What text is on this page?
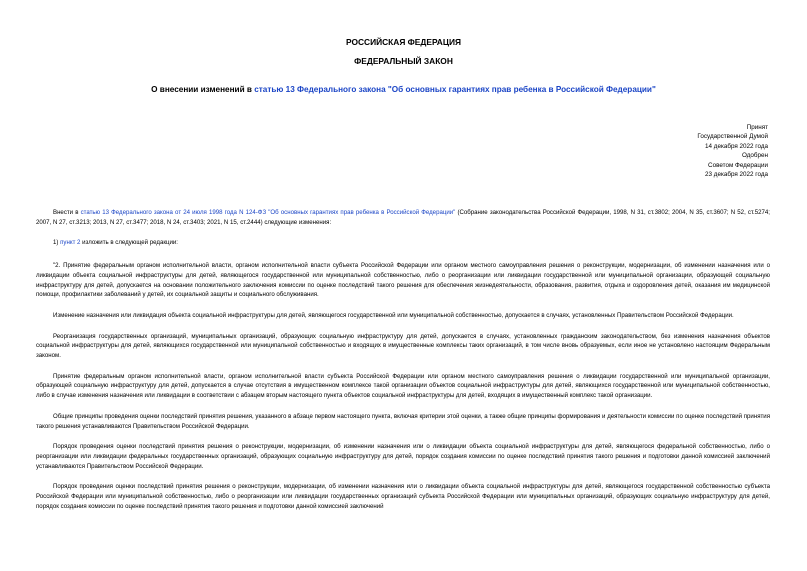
РОССИЙСКАЯ ФЕДЕРАЦИЯ
ФЕДЕРАЛЬНЫЙ ЗАКОН
О внесении изменений в статью 13 Федерального закона "Об основных гарантиях прав ребенка в Российской Федерации"
Принят
Государственной Думой
14 декабря 2022 года
Одобрен
Советом Федерации
23 декабря 2022 года

Внести в статью 13 Федерального закона от 24 июля 1998 года N 124-ФЗ "Об основных гарантиях прав ребенка в Российской Федерации" (Собрание законодательства Российской Федерации, 1998, N 31, ст.3802; 2004, N 35, ст.3607; N 52, ст.5274; 2007, N 27, ст.3213; 2013, N 27, ст.3477; 2018, N 24, ст.3403; 2021, N 15, ст.2444) следующие изменения:

1) пункт 2 изложить в следующей редакции:

"2. Принятие федеральным органом исполнительной власти, органом исполнительной власти субъекта Российской Федерации или органом местного самоуправления решения о реконструкции, модернизации, об изменении назначения или о ликвидации объекта социальной инфраструктуры для детей, являющегося государственной или муниципальной собственностью, либо о реорганизации или ликвидации государственной или муниципальной организации, образующей социальную инфраструктуру для детей, допускается на основании положительного заключения комиссии по оценке последствий такого решения для обеспечения жизнедеятельности, образования, развития, отдыха и оздоровления детей, оказания им медицинской помощи, профилактики заболеваний у детей, их социальной защиты и социального обслуживания.

Изменение назначения или ликвидация объекта социальной инфраструктуры для детей, являющегося государственной или муниципальной собственностью, допускается в случаях, установленных Правительством Российской Федерации.

Реорганизация государственных организаций, муниципальных организаций, образующих социальную инфраструктуру для детей, допускается в случаях, установленных гражданским законодательством, без изменения назначения объектов социальной инфраструктуры для детей, являющихся государственной или муниципальной собственностью и входящих в имущественные комплексы таких организаций, в том числе вновь образуемых, если иное не установлено настоящим Федеральным законом.

Принятие федеральным органом исполнительной власти, органом исполнительной власти субъекта Российской Федерации или органом местного самоуправления решения о ликвидации государственной или муниципальной организации, образующей социальную инфраструктуру для детей, допускается в случае отсутствия в имущественном комплексе такой организации объектов социальной инфраструктуры для детей, являющихся государственной или муниципальной собственностью, либо в случае изменения назначения или ликвидации в соответствии с абзацем вторым настоящего пункта объектов социальной инфраструктуры для детей, входящих в имущественный комплекс такой организации.

Общие принципы проведения оценки последствий принятия решения, указанного в абзаце первом настоящего пункта, включая критерии этой оценки, а также общие принципы формирования и деятельности комиссии по оценке последствий принятия такого решения устанавливаются Правительством Российской Федерации.

Порядок проведения оценки последствий принятия решения о реконструкции, модернизации, об изменении назначения или о ликвидации объекта социальной инфраструктуры для детей, являющегося федеральной собственностью, либо о реорганизации или ликвидации федеральных государственных организаций, образующих социальную инфраструктуру для детей, порядок создания комиссии по оценке последствий принятия такого решения и подготовки данной комиссией заключений устанавливаются Правительством Российской Федерации.

Порядок проведения оценки последствий принятия решения о реконструкции, модернизации, об изменении назначения или о ликвидации объекта социальной инфраструктуры для детей, являющегося государственной собственностью субъекта Российской Федерации или муниципальной собственностью, либо о реорганизации или ликвидации государственных организаций субъекта Российской Федерации или муниципальных организаций, образующих социальную инфраструктуру для детей, порядок создания комиссии по оценке последствий принятия такого решения и подготовки данной комиссией заключений
